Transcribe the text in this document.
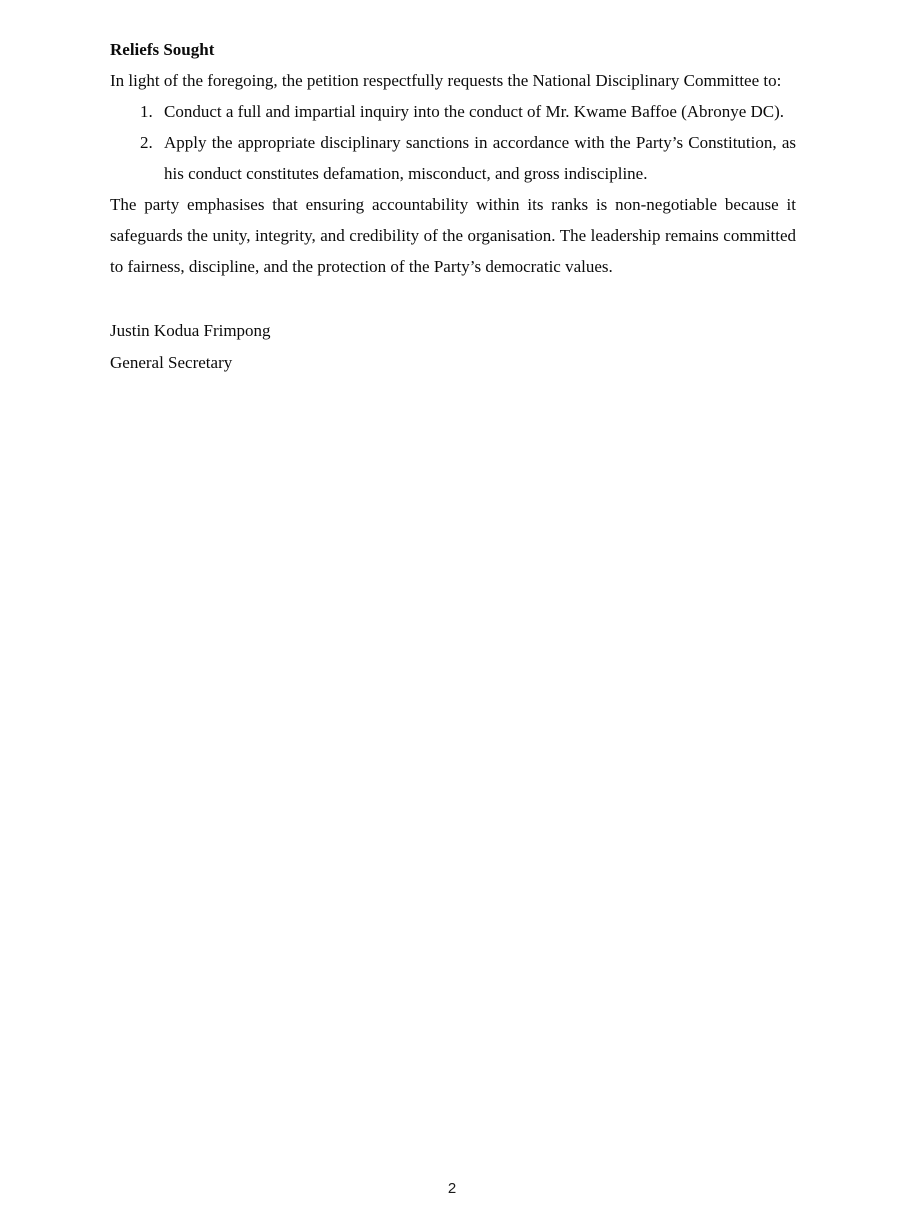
Reliefs Sought

In light of the foregoing, the petition respectfully requests the National Disciplinary Committee to:

1. Conduct a full and impartial inquiry into the conduct of Mr. Kwame Baffoe (Abronye DC).
2. Apply the appropriate disciplinary sanctions in accordance with the Party’s Constitution, as his conduct constitutes defamation, misconduct, and gross indiscipline.

The party emphasises that ensuring accountability within its ranks is non-negotiable because it safeguards the unity, integrity, and credibility of the organisation. The leadership remains committed to fairness, discipline, and the protection of the Party’s democratic values.

Justin Kodua Frimpong
General Secretary
2
